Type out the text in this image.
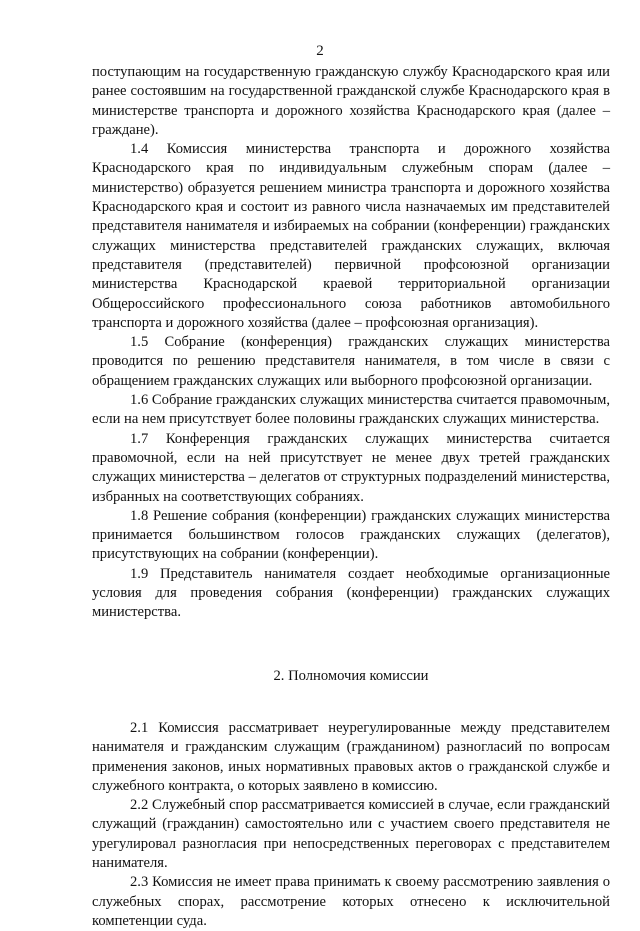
2

поступающим на государственную гражданскую службу Краснодарского края или ранее состоявшим на государственной гражданской службе Краснодарского края в министерстве транспорта и дорожного хозяйства Краснодарского края (далее – граждане).

1.4 Комиссия министерства транспорта и дорожного хозяйства Краснодарского края по индивидуальным служебным спорам (далее – министерство) образуется решением министра транспорта и дорожного хозяйства Краснодарского края и состоит из равного числа назначаемых им представителей представителя нанимателя и избираемых на собрании (конференции) гражданских служащих министерства представителей гражданских служащих, включая представителя (представителей) первичной профсоюзной организации министерства Краснодарской краевой территориальной организации Общероссийского профессионального союза работников автомобильного транспорта и дорожного хозяйства (далее – профсоюзная организация).

1.5 Собрание (конференция) гражданских служащих министерства проводится по решению представителя нанимателя, в том числе в связи с обращением гражданских служащих или выборного профсоюзной организации.

1.6 Собрание гражданских служащих министерства считается правомочным, если на нем присутствует более половины гражданских служащих министерства.

1.7 Конференция гражданских служащих министерства считается правомочной, если на ней присутствует не менее двух третей гражданских служащих министерства – делегатов от структурных подразделений министерства, избранных на соответствующих собраниях.

1.8 Решение собрания (конференции) гражданских служащих министерства принимается большинством голосов гражданских служащих (делегатов), присутствующих на собрании (конференции).

1.9 Представитель нанимателя создает необходимые организационные условия для проведения собрания (конференции) гражданских служащих министерства.

2. Полномочия комиссии

2.1 Комиссия рассматривает неурегулированные между представителем нанимателя и гражданским служащим (гражданином) разногласий по вопросам применения законов, иных нормативных правовых актов о гражданской службе и служебного контракта, о которых заявлено в комиссию.

2.2 Служебный спор рассматривается комиссией в случае, если гражданский служащий (гражданин) самостоятельно или с участием своего представителя не урегулировал разногласия при непосредственных переговорах с представителем нанимателя.

2.3 Комиссия не имеет права принимать к своему рассмотрению заявления о служебных спорах, рассмотрение которых отнесено к исключительной компетенции суда.
